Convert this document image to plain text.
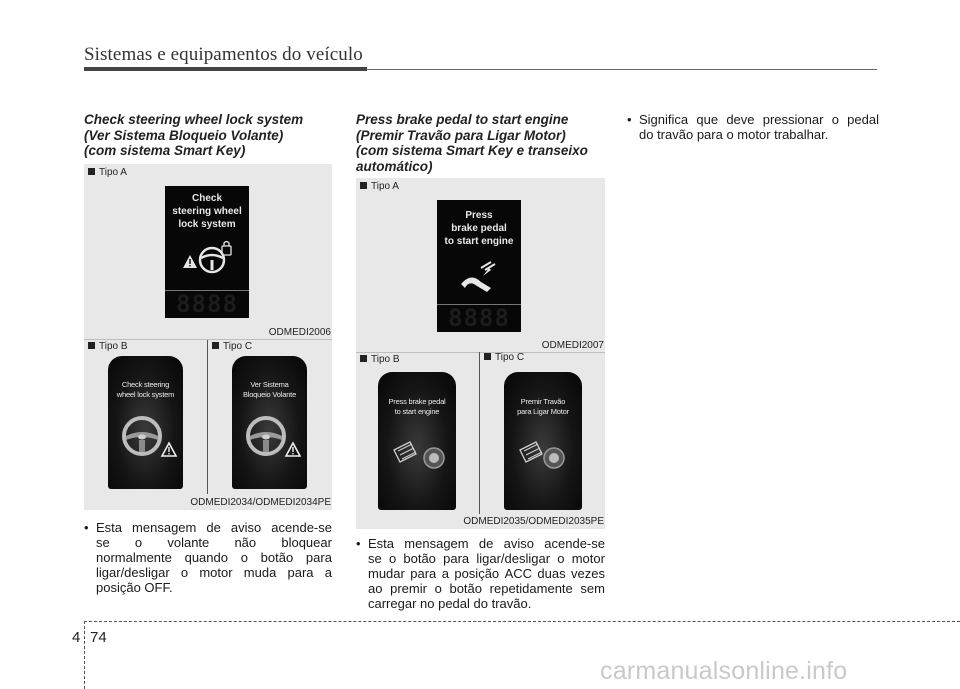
Sistemas e equipamentos do veículo
Check steering wheel lock system
(Ver Sistema Bloqueio Volante)
(com sistema Smart Key)
Tipo A
Check
steering wheel
lock system
8888
ODMEDI2006
Tipo B	Tipo C
Check steering
wheel lock system
Ver Sistema
Bloqueio Volante
ODMEDI2034/ODMEDI2034PE
• Esta mensagem de aviso acende-se
se o volante não bloquear
normalmente quando o botão para
ligar/desligar o motor muda para a
posição OFF.
Press brake pedal to start engine
(Premir Travão para Ligar Motor)
(com sistema Smart Key e transeixo
automático)
Tipo A
Press
brake pedal
to start engine
8888
ODMEDI2007
Tipo B	Tipo C
Press brake pedal
to start engine
Premir Travão
para Ligar Motor
ODMEDI2035/ODMEDI2035PE
• Esta mensagem de aviso acende-se
se o botão para ligar/desligar o motor
mudar para a posição ACC duas vezes
ao premir o botão repetidamente sem
carregar no pedal do travão.
• Significa que deve pressionar o pedal
do travão para o motor trabalhar.
4 74
carmanualsonline.info
